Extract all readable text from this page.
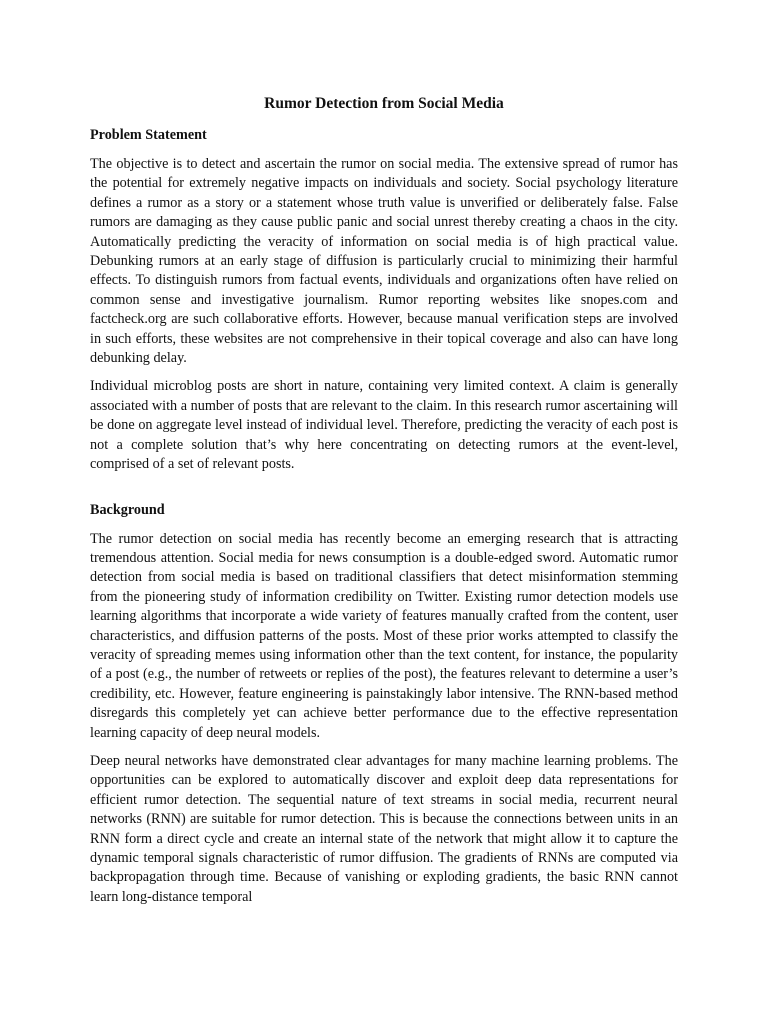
Rumor Detection from Social Media
Problem Statement

The objective is to detect and ascertain the rumor on social media. The extensive spread of rumor has the potential for extremely negative impacts on individuals and society. Social psychology literature defines a rumor as a story or a statement whose truth value is unverified or deliberately false. False rumors are damaging as they cause public panic and social unrest thereby creating a chaos in the city. Automatically predicting the veracity of information on social media is of high practical value. Debunking rumors at an early stage of diffusion is particularly crucial to minimizing their harmful effects. To distinguish rumors from factual events, individuals and organizations often have relied on common sense and investigative journalism. Rumor reporting websites like snopes.com and factcheck.org are such collaborative efforts. However, because manual verification steps are involved in such efforts, these websites are not comprehensive in their topical coverage and also can have long debunking delay.

Individual microblog posts are short in nature, containing very limited context. A claim is generally associated with a number of posts that are relevant to the claim. In this research rumor ascertaining will be done on aggregate level instead of individual level. Therefore, predicting the veracity of each post is not a complete solution that’s why here concentrating on detecting rumors at the event-level, comprised of a set of relevant posts.

Background

The rumor detection on social media has recently become an emerging research that is attracting tremendous attention. Social media for news consumption is a double-edged sword. Automatic rumor detection from social media is based on traditional classifiers that detect misinformation stemming from the pioneering study of information credibility on Twitter. Existing rumor detection models use learning algorithms that incorporate a wide variety of features manually crafted from the content, user characteristics, and diffusion patterns of the posts. Most of these prior works attempted to classify the veracity of spreading memes using information other than the text content, for instance, the popularity of a post (e.g., the number of retweets or replies of the post), the features relevant to determine a user’s credibility, etc. However, feature engineering is painstakingly labor intensive. The RNN-based method disregards this completely yet can achieve better performance due to the effective representation learning capacity of deep neural models.

Deep neural networks have demonstrated clear advantages for many machine learning problems. The opportunities can be explored to automatically discover and exploit deep data representations for efficient rumor detection. The sequential nature of text streams in social media, recurrent neural networks (RNN) are suitable for rumor detection. This is because the connections between units in an RNN form a direct cycle and create an internal state of the network that might allow it to capture the dynamic temporal signals characteristic of rumor diffusion. The gradients of RNNs are computed via backpropagation through time. Because of vanishing or exploding gradients, the basic RNN cannot learn long-distance temporal
